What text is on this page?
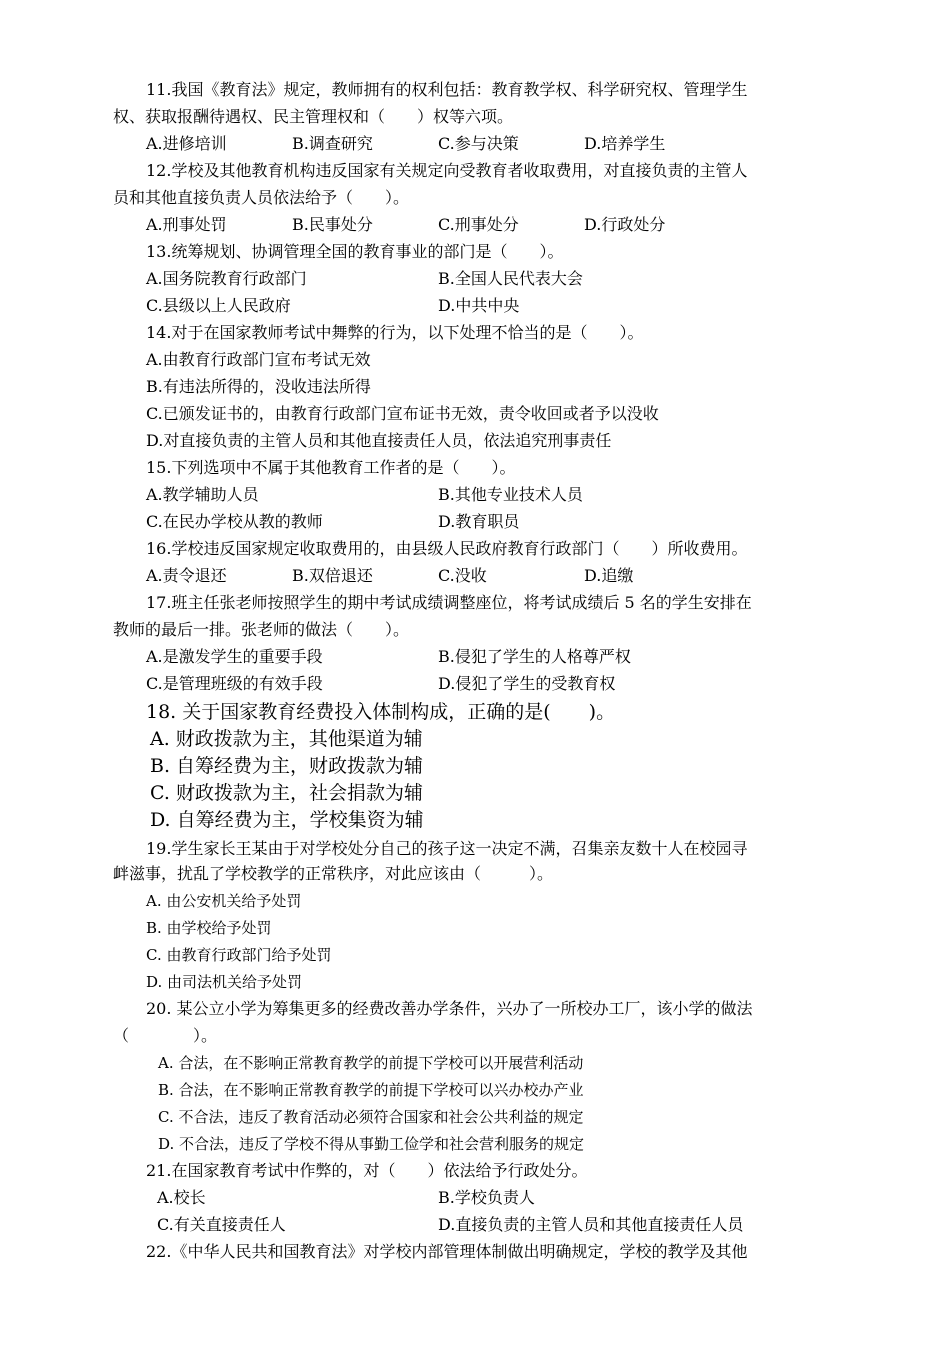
11.我国《教育法》规定，教师拥有的权利包括：教育教学权、科学研究权、管理学生
权、获取报酬待遇权、民主管理权和（　　）权等六项。
A.进修培训	B.调查研究	C.参与决策	D.培养学生
12.学校及其他教育机构违反国家有关规定向受教育者收取费用，对直接负责的主管人
员和其他直接负责人员依法给予（　　）。
A.刑事处罚	B.民事处分	C.刑事处分	D.行政处分
13.统筹规划、协调管理全国的教育事业的部门是（　　）。
A.国务院教育行政部门	B.全国人民代表大会
C.县级以上人民政府	D.中共中央
14.对于在国家教师考试中舞弊的行为，以下处理不恰当的是（　　）。
A.由教育行政部门宣布考试无效
B.有违法所得的，没收违法所得
C.已颁发证书的，由教育行政部门宣布证书无效，责令收回或者予以没收
D.对直接负责的主管人员和其他直接责任人员，依法追究刑事责任
15.下列选项中不属于其他教育工作者的是（　　）。
A.教学辅助人员	B.其他专业技术人员
C.在民办学校从教的教师	D.教育职员
16.学校违反国家规定收取费用的，由县级人民政府教育行政部门（　　）所收费用。
A.责令退还	B.双倍退还	C.没收	D.追缴
17.班主任张老师按照学生的期中考试成绩调整座位，将考试成绩后 5 名的学生安排在
教师的最后一排。张老师的做法（　　）。
A.是激发学生的重要手段	B.侵犯了学生的人格尊严权
C.是管理班级的有效手段	D.侵犯了学生的受教育权
18. 关于国家教育经费投入体制构成，正确的是(　　)。
A. 财政拨款为主，其他渠道为辅
B. 自筹经费为主，财政拨款为辅
C. 财政拨款为主，社会捐款为辅
D. 自筹经费为主，学校集资为辅
19.学生家长王某由于对学校处分自己的孩子这一决定不满，召集亲友数十人在校园寻
衅滋事，扰乱了学校教学的正常秩序，对此应该由（　　　）。
A. 由公安机关给予处罚
B. 由学校给予处罚
C. 由教育行政部门给予处罚
D. 由司法机关给予处罚
20. 某公立小学为筹集更多的经费改善办学条件，兴办了一所校办工厂，该小学的做法
（　　　　）。
A. 合法，在不影响正常教育教学的前提下学校可以开展营利活动
B. 合法，在不影响正常教育教学的前提下学校可以兴办校办产业
C. 不合法，违反了教育活动必须符合国家和社会公共利益的规定
D. 不合法，违反了学校不得从事勤工俭学和社会营利服务的规定
21.在国家教育考试中作弊的，对（　　）依法给予行政处分。
A.校长	B.学校负责人
C.有关直接责任人	D.直接负责的主管人员和其他直接责任人员
22.《中华人民共和国教育法》对学校内部管理体制做出明确规定，学校的教学及其他
